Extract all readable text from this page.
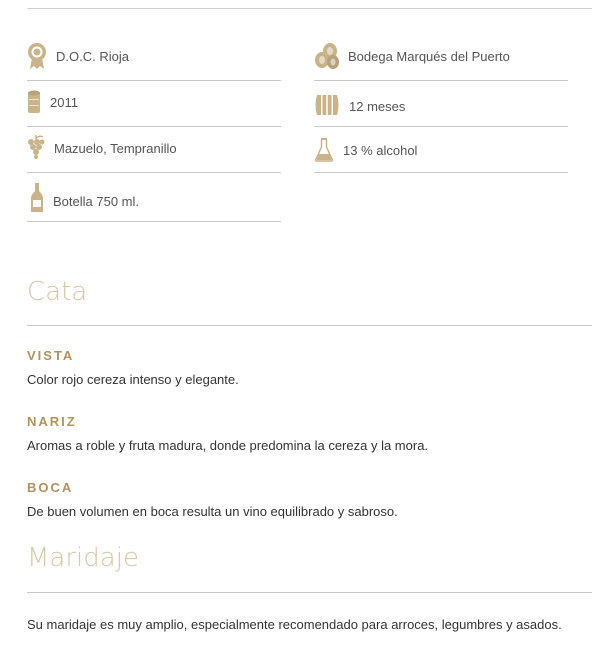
D.O.C. Rioja
2011
Mazuelo, Tempranillo
Botella 750 ml.
Bodega Marqués del Puerto
12 meses
13 % alcohol
Cata
VISTA

Color rojo cereza intenso y elegante.

NARIZ

Aromas a roble y fruta madura, donde predomina la cereza y la mora.

BOCA

De buen volumen en boca resulta un vino equilibrado y sabroso.

Maridaje

Su maridaje es muy amplio, especialmente recomendado para arroces, legumbres y asados.
